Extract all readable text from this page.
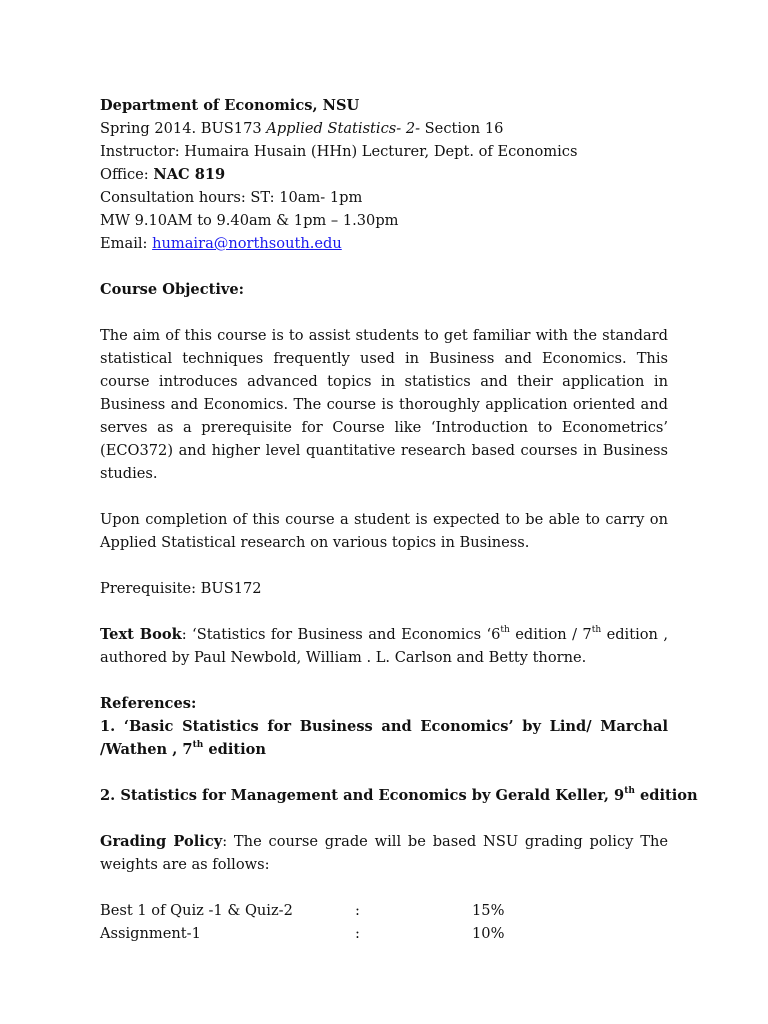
Department of Economics, NSU
Spring 2014. BUS173 Applied Statistics- 2- Section 16
Instructor: Humaira Husain (HHn) Lecturer, Dept. of Economics
Office: NAC 819
Consultation hours: ST: 10am- 1pm
MW 9.10AM to 9.40am & 1pm – 1.30pm
Email: humaira@northsouth.edu
Course Objective:
The aim of this course is to assist students to get familiar with the standard statistical techniques frequently used in Business and Economics. This course introduces advanced topics in statistics and their application in Business and Economics. The course is thoroughly application oriented and serves as a prerequisite for Course like ‘Introduction to Econometrics’ (ECO372) and higher level quantitative research based courses in Business studies.
Upon completion of this course a student is expected to be able to carry on Applied Statistical research on various topics in Business.
Prerequisite: BUS172
Text Book: ‘Statistics for Business and Economics ‘6th edition / 7th edition , authored by Paul Newbold, William . L. Carlson and Betty thorne.
References:
1. ‘Basic Statistics for Business and Economics’ by Lind/ Marchal /Wathen , 7th edition
2. Statistics for Management and Economics by Gerald Keller, 9th edition
Grading Policy: The course grade will be based NSU grading policy The weights are as follows:
Best 1 of Quiz -1 & Quiz-2	:	15%
Assignment-1	:	10%
